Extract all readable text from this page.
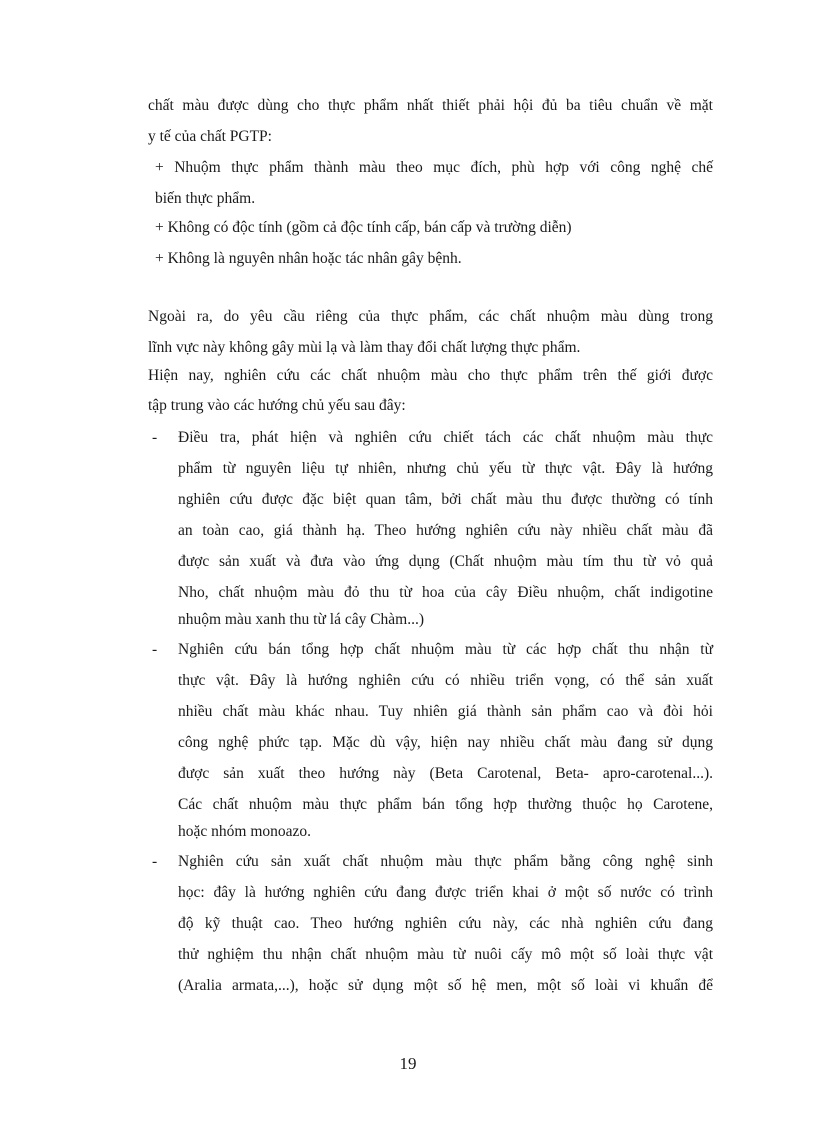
chất màu được dùng cho thực phẩm nhất thiết phải hội đủ ba tiêu chuẩn về mặt
y tế của chất PGTP:
+ Nhuộm thực phẩm thành màu theo mục đích, phù hợp với công nghệ chế
biến thực phẩm.
+ Không có độc tính (gồm cả độc tính cấp, bán cấp và trường diễn)
+ Không là nguyên nhân hoặc tác nhân gây bệnh.
Ngoài ra, do yêu cầu riêng của thực phẩm, các chất nhuộm màu dùng trong
lĩnh vực này không gây mùi lạ và làm thay đổi chất lượng thực phẩm.
Hiện nay, nghiên cứu các chất nhuộm màu cho thực phẩm trên thế giới được
tập trung vào các hướng chủ yếu sau đây:
- Điều tra, phát hiện và nghiên cứu chiết tách các chất nhuộm màu thực
phẩm từ nguyên liệu tự nhiên, nhưng chủ yếu từ thực vật. Đây là hướng
nghiên cứu được đặc biệt quan tâm, bởi chất màu thu được thường có tính
an toàn cao, giá thành hạ. Theo hướng nghiên cứu này nhiều chất màu đã
được sản xuất và đưa vào ứng dụng (Chất nhuộm màu tím thu từ vỏ quả
Nho, chất nhuộm màu đỏ thu từ hoa của cây Điều nhuộm, chất indigotine
nhuộm màu xanh thu từ lá cây Chàm...)
- Nghiên cứu bán tổng hợp chất nhuộm màu từ các hợp chất thu nhận từ
thực vật. Đây là hướng nghiên cứu có nhiều triển vọng, có thể sản xuất
nhiều chất màu khác nhau. Tuy nhiên giá thành sản phẩm cao và đòi hỏi
công nghệ phức tạp. Mặc dù vậy, hiện nay nhiều chất màu đang sử dụng
được sản xuất theo hướng này (Beta Carotenal, Beta- apro-carotenal...).
Các chất nhuộm màu thực phẩm bán tổng hợp thường thuộc họ Carotene,
hoặc nhóm monoazo.
- Nghiên cứu sản xuất chất nhuộm màu thực phẩm bằng công nghệ sinh
học: đây là hướng nghiên cứu đang được triển khai ở một số nước có trình
độ kỹ thuật cao. Theo hướng nghiên cứu này, các nhà nghiên cứu đang
thử nghiệm thu nhận chất nhuộm màu từ nuôi cấy mô một số loài thực vật
(Aralia armata,...), hoặc sử dụng một số hệ men, một số loài vi khuẩn để
19
